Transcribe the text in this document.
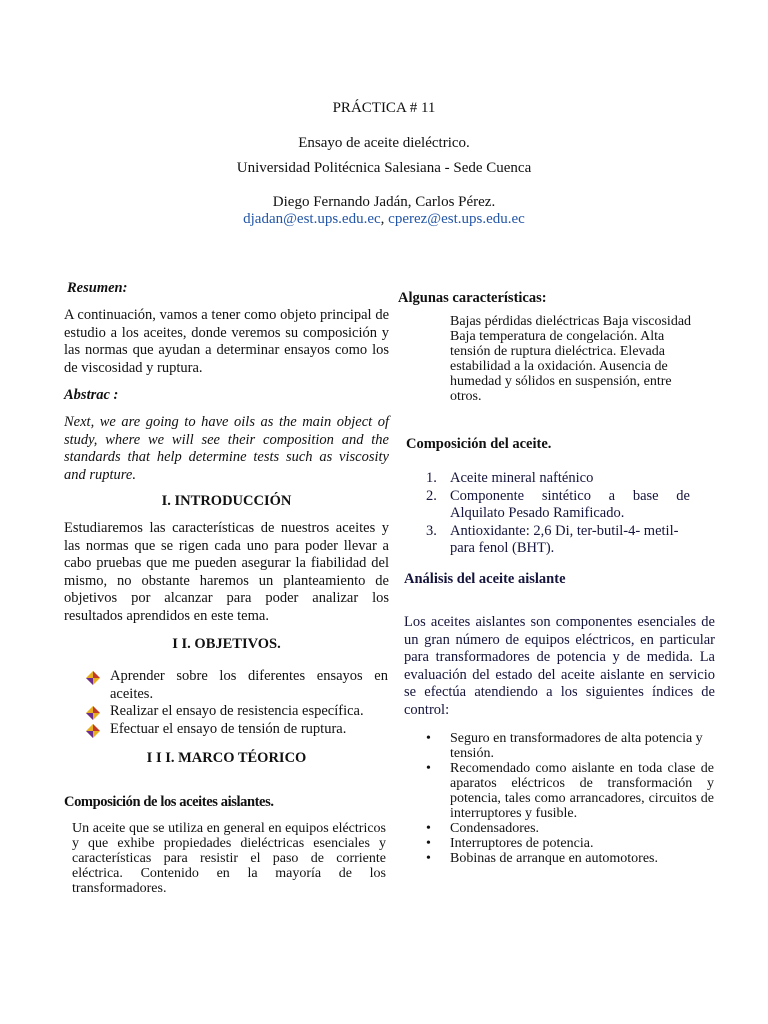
PRÁCTICA # 11

Ensayo de aceite dieléctrico.

Universidad Politécnica Salesiana - Sede Cuenca

Diego Fernando Jadán, Carlos Pérez.

djadan@est.ups.edu.ec, cperez@est.ups.edu.ec

Resumen:

A continuación, vamos a tener como objeto principal de estudio a los aceites, donde veremos su composición y las normas que ayudan a determinar ensayos como los de viscosidad y ruptura.

Abstrac :

Next, we are going to have oils as the main object of study, where we will see their composition and the standards that help determine tests such as viscosity and rupture.

I. INTRODUCCIÓN

Estudiaremos las características de nuestros aceites y las normas que se rigen cada uno para poder llevar a cabo pruebas que me pueden asegurar la fiabilidad del mismo, no obstante haremos un planteamiento de objetivos por alcanzar para poder analizar los resultados aprendidos en este tema.

I I. OBJETIVOS.

Aprender sobre los diferentes ensayos en aceites.
Realizar el ensayo de resistencia específica.
Efectuar el ensayo de tensión de ruptura.

I I I. MARCO TÉORICO

Composición de los aceites aislantes.

Un aceite que se utiliza en general en equipos eléctricos y que exhibe propiedades dieléctricas esenciales y características para resistir el paso de corriente eléctrica. Contenido en la mayoría de los transformadores.

Algunas características:

Bajas pérdidas dieléctricas Baja viscosidad Baja temperatura de congelación. Alta tensión de ruptura dieléctrica. Elevada estabilidad a la oxidación. Ausencia de humedad y sólidos en suspensión, entre otros.

Composición del aceite.

1. Aceite mineral nafténico
2. Componente sintético a base de Alquilato Pesado Ramificado.
3. Antioxidante: 2,6 Di, ter-butil-4- metil-para fenol (BHT).

Análisis del aceite aislante

Los aceites aislantes son componentes esenciales de un gran número de equipos eléctricos, en particular para transformadores de potencia y de medida. La evaluación del estado del aceite aislante en servicio se efectúa atendiendo a los siguientes índices de control:

• Seguro en transformadores de alta potencia y tensión.
• Recomendado como aislante en toda clase de aparatos eléctricos de transformación y potencia, tales como arrancadores, circuitos de interruptores y fusible.
• Condensadores.
• Interruptores de potencia.
• Bobinas de arranque en automotores.
